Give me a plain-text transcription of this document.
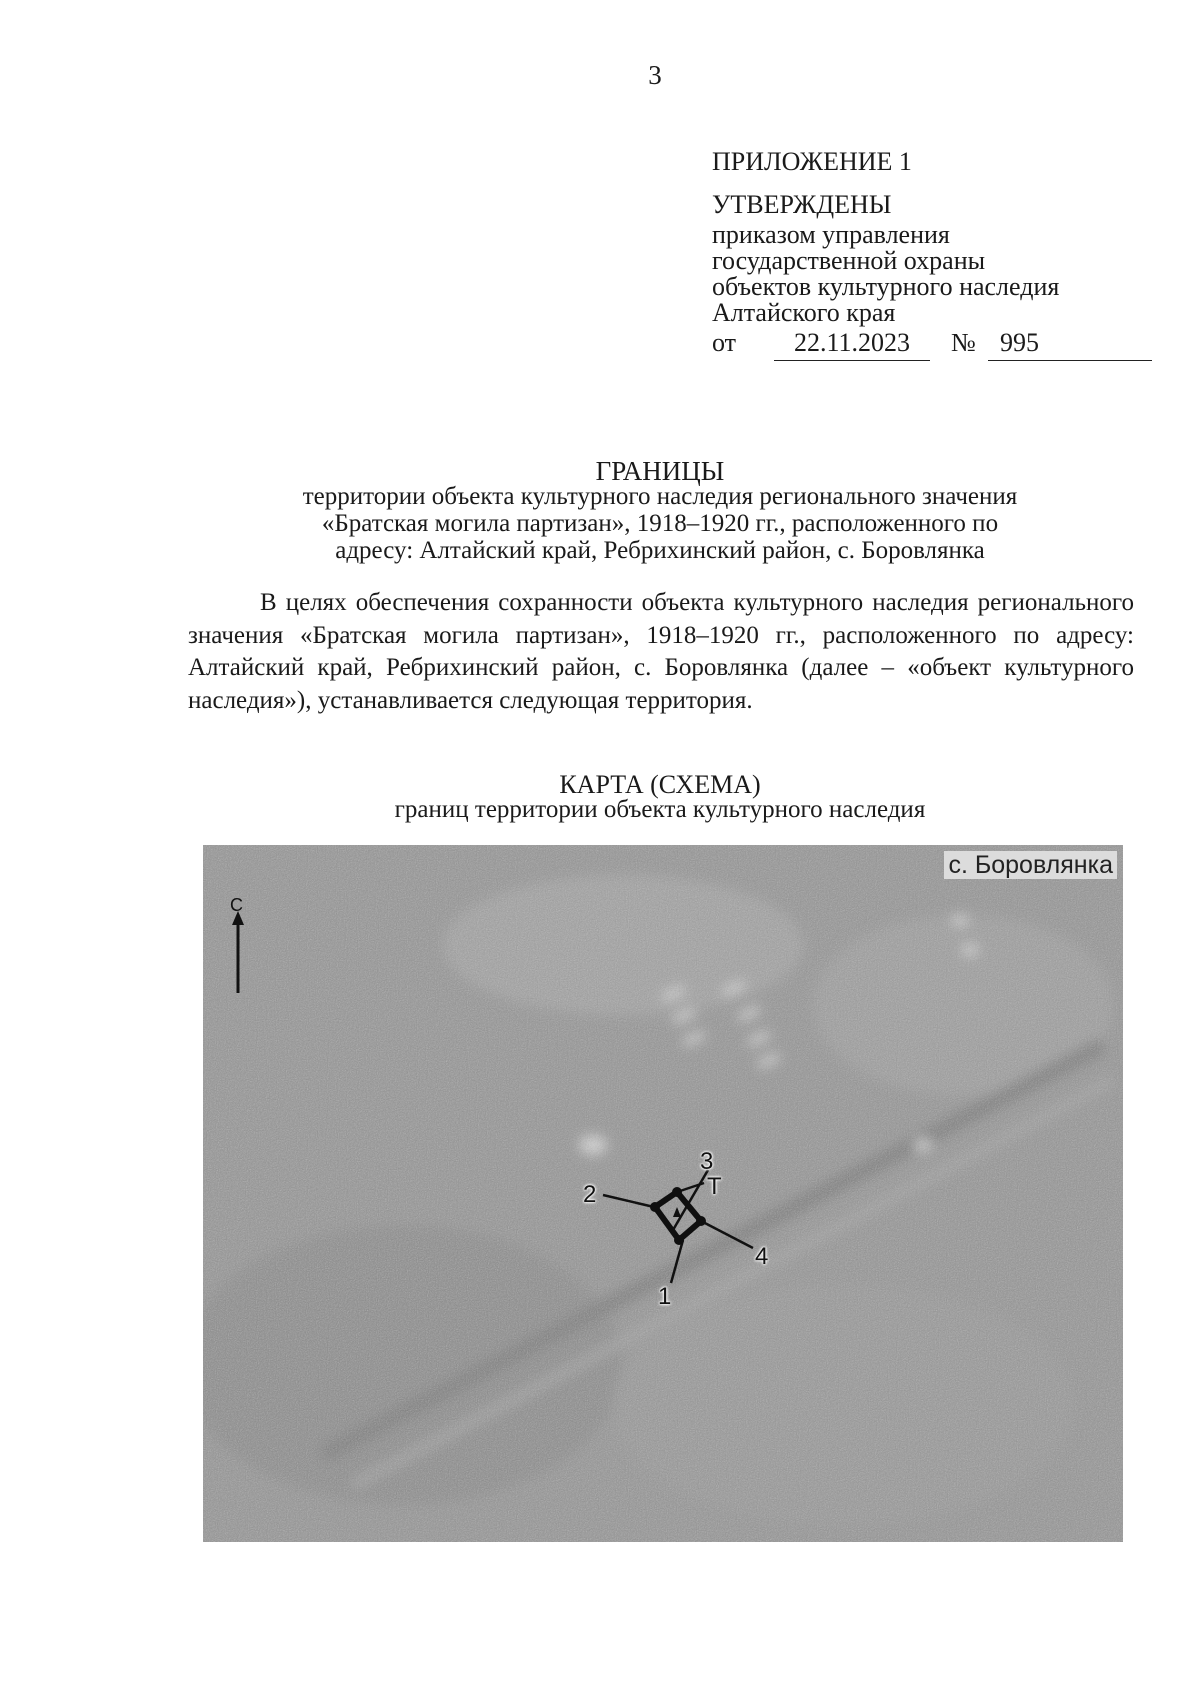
3
ПРИЛОЖЕНИЕ 1
УТВЕРЖДЕНЫ
приказом управления
государственной охраны
объектов культурного наследия
Алтайского края
от	22.11.2023	№ 995
ГРАНИЦЫ
территории объекта культурного наследия регионального значения
«Братская могила партизан», 1918–1920 гг., расположенного по
адресу: Алтайский край, Ребрихинский район, с. Боровлянка
В целях обеспечения сохранности объекта культурного наследия регионального значения «Братская могила партизан», 1918–1920 гг., расположенного по адресу: Алтайский край, Ребрихинский район, с. Боровлянка (далее – «объект культурного наследия»), устанавливается следующая территория.
КАРТА (СХЕМА)
границ территории объекта культурного наследия
с. Боровлянка
С
3
2	Т
4
1
